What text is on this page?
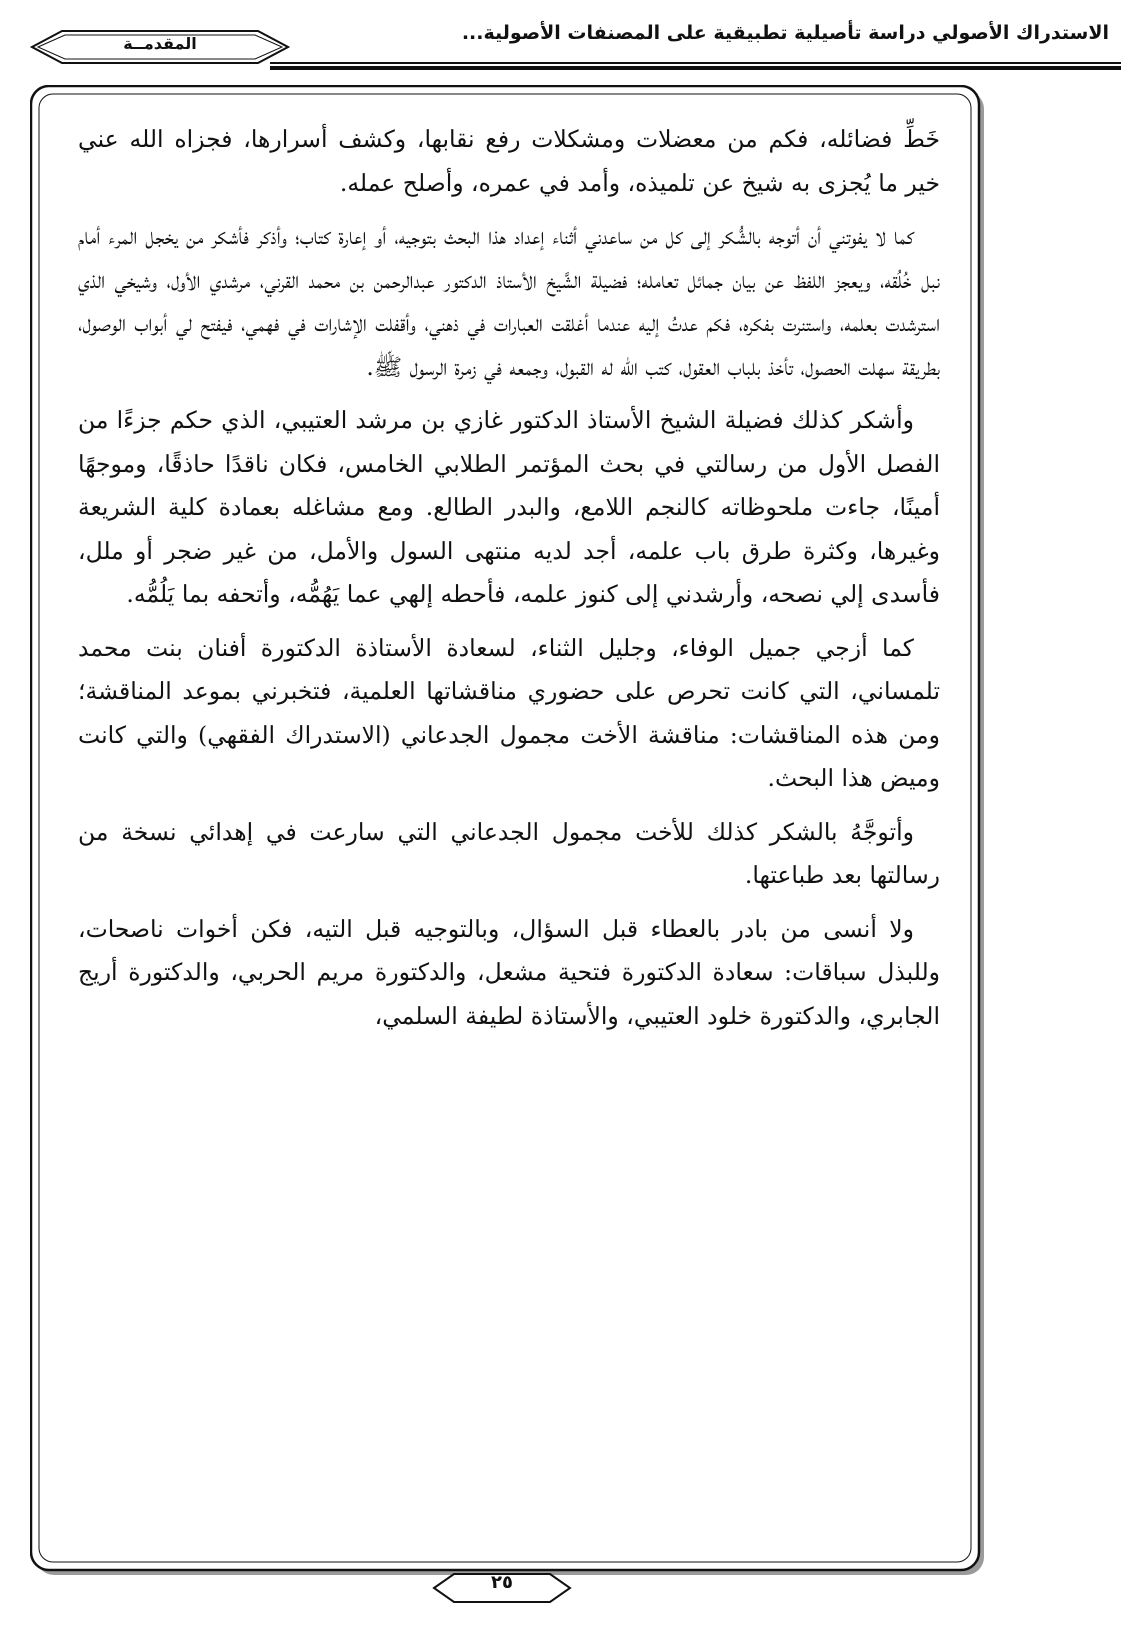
الاستدراك الأصولي دراسة تأصيلية تطبيقية على المصنفات الأصولية...
المقدمــة

خَطِّ فضائله، فكم من معضلات ومشكلات رفع نقابها، وكشف أسرارها، فجزاه الله عني خير ما يُجزى به شيخ عن تلميذه، وأمد في عمره، وأصلح عمله.

كما لا يفوتني أن أتوجه بالشُّكر إلى كل من ساعدني أثناء إعداد هذا البحث بتوجيه، أو إعارة كتاب؛ وأذكر فأشكر من يخجل المرء أمام نبل خُلُقه، ويعجز اللفظ عن بيان جمائل تعامله؛ فضيلة الشَّيخ الأستاذ الدكتور عبدالرحمن بن محمد القرني، مرشدي الأول، وشيخي الذي استرشدت بعلمه، واستنرت بفكره، فكم عدتُ إليه عندما أغلقت العبارات في ذهني، وأقفلت الإشارات في فهمي، فيفتح لي أبواب الوصول، بطريقة سهلت الحصول، تأخذ بلباب العقول، كتب الله له القبول، وجمعه في زمرة الرسول ﷺ.

وأشكر كذلك فضيلة الشيخ الأستاذ الدكتور غازي بن مرشد العتيبي، الذي حكم جزءًا من الفصل الأول من رسالتي في بحث المؤتمر الطلابي الخامس، فكان ناقدًا حاذقًا، وموجهًا أمينًا، جاءت ملحوظاته كالنجم اللامع، والبدر الطالع. ومع مشاغله بعمادة كلية الشريعة وغيرها، وكثرة طرق باب علمه، أجد لديه منتهى السول والأمل، من غير ضجر أو ملل، فأسدى إلي نصحه، وأرشدني إلى كنوز علمه، فأحطه إلهي عما يَهُمُّه، وأتحفه بما يَلُمُّه.

كما أزجي جميل الوفاء، وجليل الثناء، لسعادة الأستاذة الدكتورة أفنان بنت محمد تلمساني، التي كانت تحرص على حضوري مناقشاتها العلمية، فتخبرني بموعد المناقشة؛ ومن هذه المناقشات: مناقشة الأخت مجمول الجدعاني (الاستدراك الفقهي) والتي كانت وميض هذا البحث.

وأتوجَّهُ بالشكر كذلك للأخت مجمول الجدعاني التي سارعت في إهدائي نسخة من رسالتها بعد طباعتها.

ولا أنسى من بادر بالعطاء قبل السؤال، وبالتوجيه قبل التيه، فكن أخوات ناصحات، وللبذل سباقات: سعادة الدكتورة فتحية مشعل، والدكتورة مريم الحربي، والدكتورة أريج الجابري، والدكتورة خلود العتيبي، والأستاذة لطيفة السلمي،

٢٥
